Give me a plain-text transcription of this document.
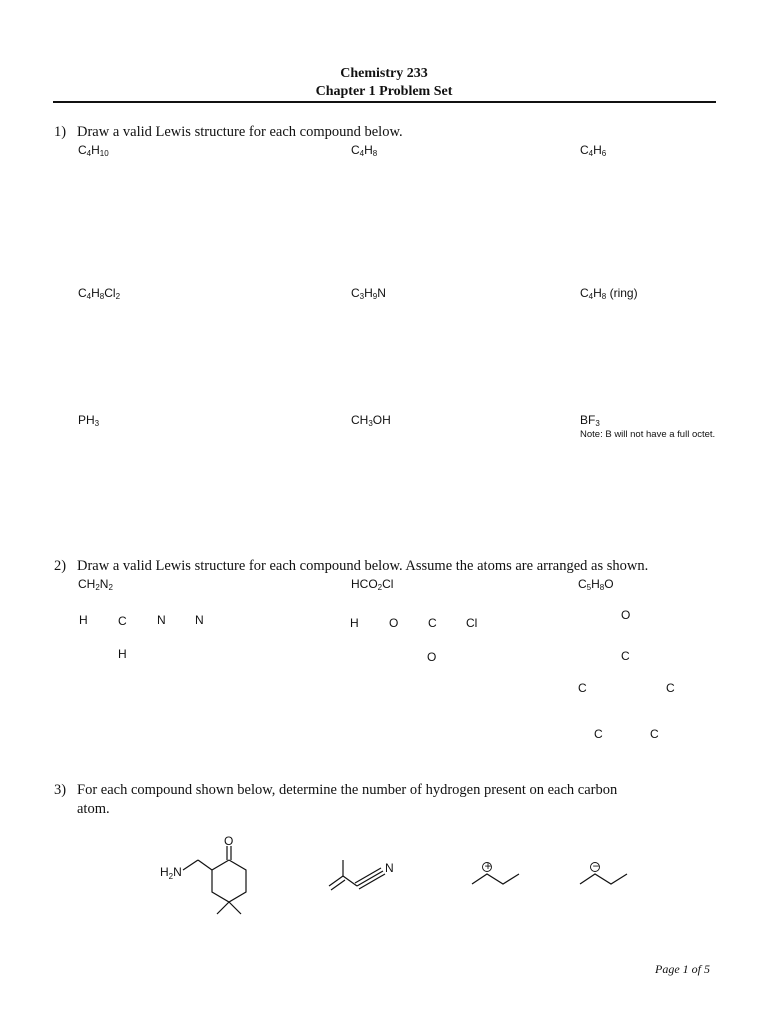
Chemistry 233
Chapter 1 Problem Set
1) Draw a valid Lewis structure for each compound below.
$C_4H_{10}$	$C_4H_8$	$C_4H_6$
$C_4H_8Cl_2$	$C_3H_9N$	$C_4H_8$ (ring)
$PH_3$	$CH_3OH$	$BF_3$
Note: B will not have a full octet.
2) Draw a valid Lewis structure for each compound below. Assume the atoms are arranged as shown.
$CH_2N_2$	$HCO_2Cl$	$C_5H_8O$
H	C	N N
H
H	O C Cl
O
O
C
C	C
C	C
3) For each compound shown below, determine the number of hydrogen present on each carbon
atom.
O
$H_2N$	N	+	−
Page 1 of 5
